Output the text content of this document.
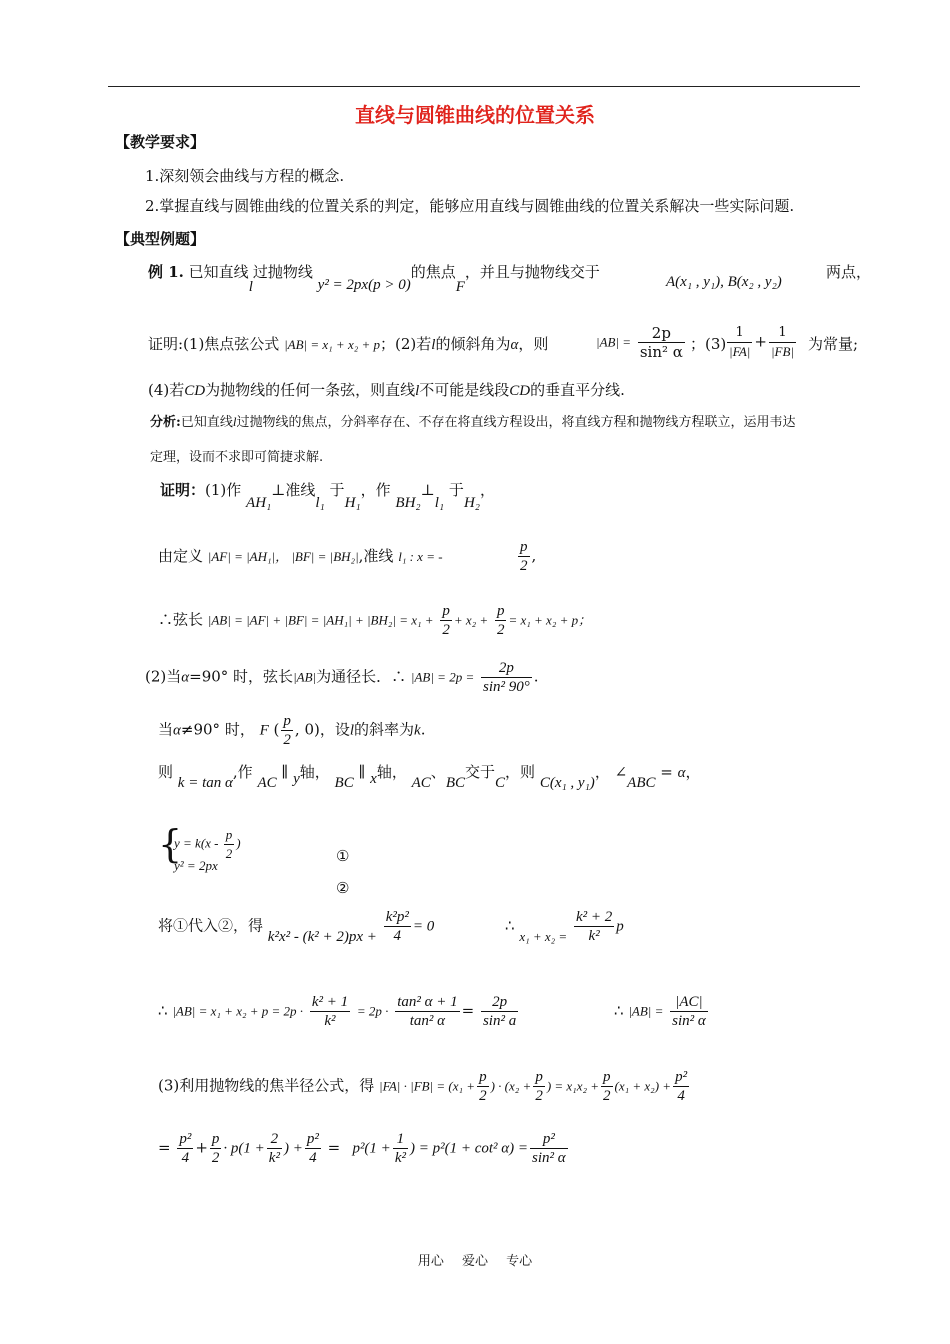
直线与圆锥曲线的位置关系
【教学要求】
1.深刻领会曲线与方程的概念.
2.掌握直线与圆锥曲线的位置关系的判定，能够应用直线与圆锥曲线的位置关系解决一些实际问题.
【典型例题】
例 1. 已知直线l过抛物线 y² = 2px(p > 0)的焦点F，并且与抛物线交于
A(x₁ , y₁), B(x₂ , y₂)
两点，
证明:(1)焦点弦公式 |AB| = x₁ + x₂ + p；(2)若l的倾斜角为α，则	$|AB| = \frac{2p}{\text{sin² α}}$ ；$(3) \frac{1}{|FA|} + \frac{1}{|FB|}$ 为常量;
(4)若CD为抛物线的任何一条弦，则直线l不可能是线段CD的垂直平分线.
分析:已知直线l过抛物线的焦点，分斜率存在、不存在将直线方程设出，将直线方程和抛物线方程联立，运用韦达
定理，设而不求即可简捷求解.
证明：(1)作 AH₁⊥准线l₁ 于H₁，作 BH₂⊥l₁ 于H₂，
由定义 |AF| = |AH₁|， |BF| = |BH₂|,准线 l₁ : x = -	$\frac{p}{2}$ ,
∴弦长 $|AB| = |AF| + |BF| = |AH_1| + |BH_2| = x_1 + \frac{p}{2} + x_2 + \frac{p}{2} = x_1 + x_2 + p$；
(2)当α=90° 时，弦长|AB|为通径长．∴ $|AB| = 2p = \frac{2p}{\text{sin² 90°}}$ .
当α≠90° 时， F ( $\frac{p}{2}$ , 0)，设l的斜率为k.
则 k = tan α,作 AC ∥ y轴， BC ∥ x轴， AC、BC交于C，则 C(x₁ , y₁)， ∠ABC = α，
{
$y = k(x - \frac{p}{2}$ )
y² = 2px
①
②
将①代入②，得 $k^2x^2 - (k^2 + 2)px + \frac{\text{k²p²}}{4} = 0$	∴ $x_1 + x_2 = \frac{\text{k² + 2}}{\text{k²}}$ p
∴ $|AB| = x_1 + x_2 + p = 2p \cdot \frac{\text{k² + 1}}{\text{k²}} = 2p \cdot \frac{\text{tan² α + 1}}{\text{tan² α}} = \frac{2p}{\text{sin² a}}$	∴ $|AB| = \frac{|AC|}{\text{sin² α}}$
(3)利用抛物线的焦半径公式，得 $|FA| \cdot |FB| = (x_1 + \frac{p}{2}$ ) · ($x_2 + \frac{p}{2}$ ) = $x_1x_2 + \frac{p}{2} (x_1 + x_2) + \frac{\text{p²}}{4}$
= $\frac{\text{p²}}{4} + \frac{p}{2} \cdot p(1 + \frac{2}{\text{k²}}$ ) + $\frac{\text{p²}}{4} = p^2(1 + \frac{1}{\text{k²}}$ ) = p²(1 + cot² $\alpha) = \frac{\text{p²}}{\text{sin² α}}$
用心 爱心 专心
